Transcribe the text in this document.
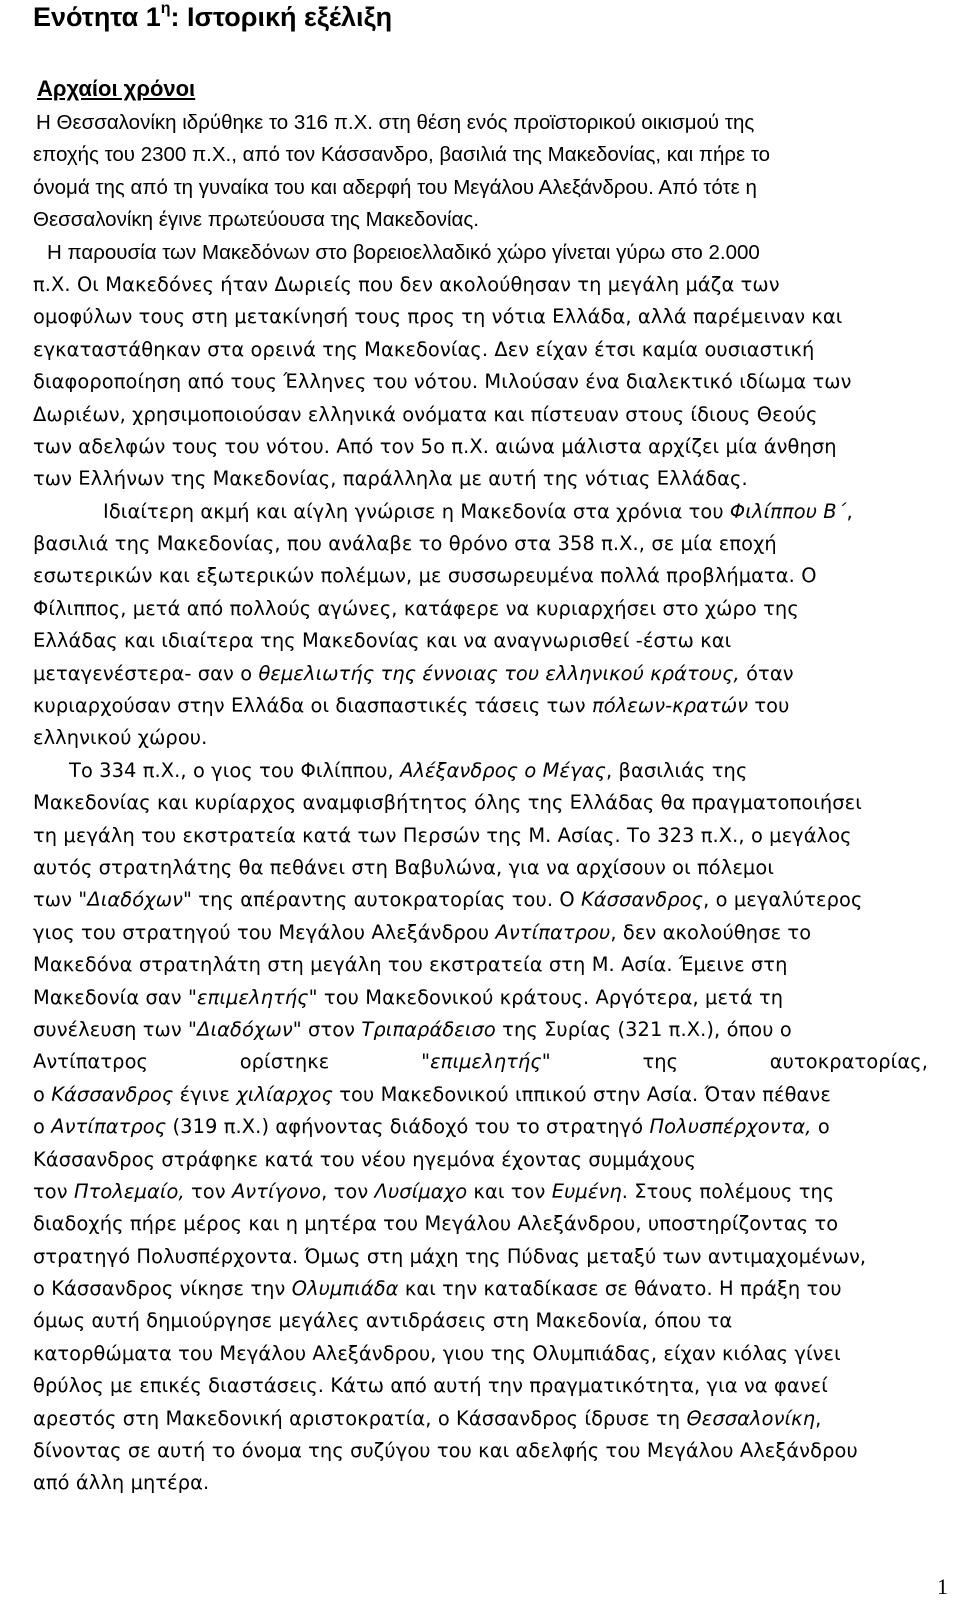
Ενότητα $1^\eta$: Ιστορική εξέλιξη
Αρχαίοι χρόνοι
Η Θεσσαλονίκη ιδρύθηκε το 316 π.Χ. στη θέση ενός προϊστορικού οικισμού της
εποχής του 2300 π.Χ., από τον Κάσσανδρο, βασιλιά της Μακεδονίας, και πήρε το
όνομά της από τη γυναίκα του και αδερφή του Μεγάλου Αλεξάνδρου. Από τότε η
Θεσσαλονίκη έγινε πρωτεύουσα της Μακεδονίας.
Η παρουσία των Μακεδόνων στο βορειοελλαδικό χώρο γίνεται γύρω στο 2.000
π.Χ. Οι Μακεδόνες ήταν Δωριείς που δεν ακολούθησαν τη μεγάλη μάζα των
ομοφύλων τους στη μετακίνησή τους προς τη νότια Ελλάδα, αλλά παρέμειναν και
εγκαταστάθηκαν στα ορεινά της Μακεδονίας. Δεν είχαν έτσι καμία ουσιαστική
διαφοροποίηση από τους Έλληνες του νότου. Μιλούσαν ένα διαλεκτικό ιδίωμα των
Δωριέων, χρησιμοποιούσαν ελληνικά ονόματα και πίστευαν στους ίδιους Θεούς
των αδελφών τους του νότου. Από τον 5ο π.Χ. αιώνα μάλιστα αρχίζει μία άνθηση
των Ελλήνων της Μακεδονίας, παράλληλα με αυτή της νότιας Ελλάδας.
Ιδιαίτερη ακμή και αίγλη γνώρισε η Μακεδονία στα χρόνια του Φιλίππου Β΄,
βασιλιά της Μακεδονίας, που ανάλαβε το θρόνο στα 358 π.Χ., σε μία εποχή
εσωτερικών και εξωτερικών πολέμων, με συσσωρευμένα πολλά προβλήματα. Ο
Φίλιππος, μετά από πολλούς αγώνες, κατάφερε να κυριαρχήσει στο χώρο της
Ελλάδας και ιδιαίτερα της Μακεδονίας και να αναγνωρισθεί -έστω και
μεταγενέστερα- σαν ο θεμελιωτής της έννοιας του ελληνικού κράτους, όταν
κυριαρχούσαν στην Ελλάδα οι διασπαστικές τάσεις των πόλεων-κρατών του
ελληνικού χώρου.
Το 334 π.Χ., ο γιος του Φιλίππου, Αλέξανδρος ο Μέγας, βασιλιάς της
Μακεδονίας και κυρίαρχος αναμφισβήτητος όλης της Ελλάδας θα πραγματοποιήσει
τη μεγάλη του εκστρατεία κατά των Περσών της Μ. Ασίας. Το 323 π.Χ., ο μεγάλος
αυτός στρατηλάτης θα πεθάνει στη Βαβυλώνα, για να αρχίσουν οι πόλεμοι
των "Διαδόχων" της απέραντης αυτοκρατορίας του. Ο Κάσσανδρος, ο μεγαλύτερος
γιος του στρατηγού του Μεγάλου Αλεξάνδρου Αντίπατρου, δεν ακολούθησε το
Μακεδόνα στρατηλάτη στη μεγάλη του εκστρατεία στη Μ. Ασία. Έμεινε στη
Μακεδονία σαν "επιμελητής" του Μακεδονικού κράτους. Αργότερα, μετά τη
συνέλευση των "Διαδόχων" στον Τριπαράδεισο της Συρίας (321 π.Χ.), όπου ο
Αντίπατρος	ορίστηκε	"επιμελητής"	της	αυτοκρατορίας,
ο Κάσσανδρος έγινε χιλίαρχος του Μακεδονικού ιππικού στην Ασία. Όταν πέθανε
ο Αντίπατρος (319 π.Χ.) αφήνοντας διάδοχό του το στρατηγό Πολυσπέρχοντα, ο
Κάσσανδρος στράφηκε κατά του νέου ηγεμόνα έχοντας συμμάχους
τον Πτολεμαίο, τον Αντίγονο, τον Λυσίμαχο και τον Ευμένη. Στους πολέμους της
διαδοχής πήρε μέρος και η μητέρα του Μεγάλου Αλεξάνδρου, υποστηρίζοντας το
στρατηγό Πολυσπέρχοντα. Όμως στη μάχη της Πύδνας μεταξύ των αντιμαχομένων,
ο Κάσσανδρος νίκησε την Ολυμπιάδα και την καταδίκασε σε θάνατο. Η πράξη του
όμως αυτή δημιούργησε μεγάλες αντιδράσεις στη Μακεδονία, όπου τα
κατορθώματα του Μεγάλου Αλεξάνδρου, γιου της Ολυμπιάδας, είχαν κιόλας γίνει
θρύλος με επικές διαστάσεις. Κάτω από αυτή την πραγματικότητα, για να φανεί
αρεστός στη Μακεδονική αριστοκρατία, ο Κάσσανδρος ίδρυσε τη Θεσσαλονίκη,
δίνοντας σε αυτή το όνομα της συζύγου του και αδελφής του Μεγάλου Αλεξάνδρου
από άλλη μητέρα.
1
